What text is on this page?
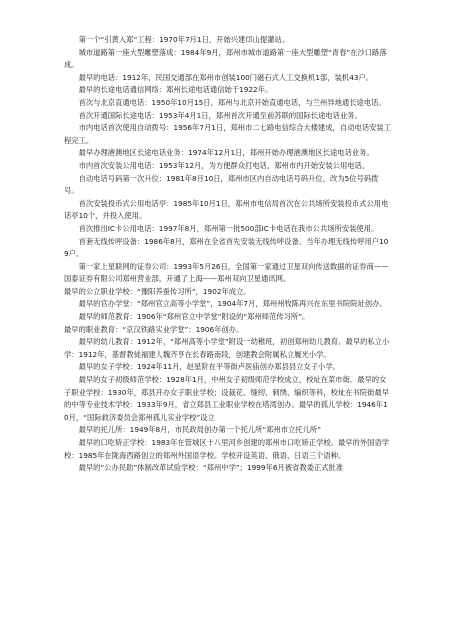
第一个“引黄入郑”工程：1970年7月1日，开始兴建邙山提灌站。

城市道路第一座大型雕塑落成：1984年9月，郑州市城市道路第一座大型雕塑“青春”在沙口路落成。

最早的电话：1912年，民国交通部在郑州市创装100门磁石式人工交换机1部，装机43户。

最早的长途电话通信网络：郑州长途电话通信始于1922年。

首次与北京直通电话：1950年10月15日，郑州与北京开始直通电话，与兰州异地通长途电话。

首次开通国际长途电话：1953年4月1日，郑州首次开通至前苏联的国际长途电话业务。

市内电话首次使用自动拨号：1956年7月1日，郑州市二七路电信综合大楼建成，自动电话安装工程完工。

最早办理港澳地区长途电话业务：1974年12月1日，郑州开始办理港澳地区长途电话业务。

市内首次安装公用电话：1953年12月，为方便群众打电话，郑州市内开始安装公用电话。

自动电话号码第一次升位：1981年8月10日，郑州市区内自动电话号码升位，改为5位号码拨号。

首次安装投币式公用电话亭：1985年10月1日，郑州市电信局首次在公共场所安装投币式公用电话亭10个，并投入使用。

首次推出IC卡公用电话：1997年8月，郑州第一批500部IC卡电话在我市公共场所安装使用。

首套无线传呼设备：1986年8月，郑州在全省首先安装无线传呼设备。当年办理无线传呼用户109户。

第一家上星联网的证券公司：1993年5月26日，全国第一家通过卫星双向传送数据的证券商——国泰证券有限公司郑州营业部，开通了上海——郑州双向卫星通讯网。

最早的公立职业学校：“豫阳养蚕传习所”，1902年成立。

最早的官办学堂：“郑州官立高等小学堂”，1904年7月，郑州州牧陈再兴在东里书院院址创办。

最早的师范教育：1906年“郑州官立中学堂”附设的“郑州师范传习所”。

最早的职业教育：“京汉铁路实业学堂”：1906年创办。

最早的幼儿教育：1912年，“郑州高等小学堂”附设一幼稚班，初创郑州幼儿教育。最早的私立小学：1912年，基督教徒福建人魏齐亨在长春路南段，创建教会附属私立履光小学。

最早的女子学校：1924年11月，赵星阶在平等街卢医庙创办郑县县立女子小学。

最早的女子初级师范学校：1928年1月，中州女子初级师范学校成立，校址在菜市街。最早的女子职业学校：1930年，郑县开办女子职业学校；设裁花、缝纫、刺绣、编织等科，校址在书院街最早的中等专业技术学校：1933年9月，省立郑县工业职业学校在塔湾创办。最早的孤儿学校：1946年10月，“国际救济委员会郑州孤儿实业学校”设立

最早的托儿所：1949年8月，市民政局创办第一个托儿所“郑州市立托儿所”

最早的口吃矫正学校：1983年在管城区十八里河乡创建的郑州市口吃矫正学校。最早的外国语学校：1985年在陇海西路创立的郑州外国语学校。学校开设英语、俄语、日语三个语种。

最早的“公办民助”体制改革试验学校：“郑州中学”；1999年6月被省教委正式批准
